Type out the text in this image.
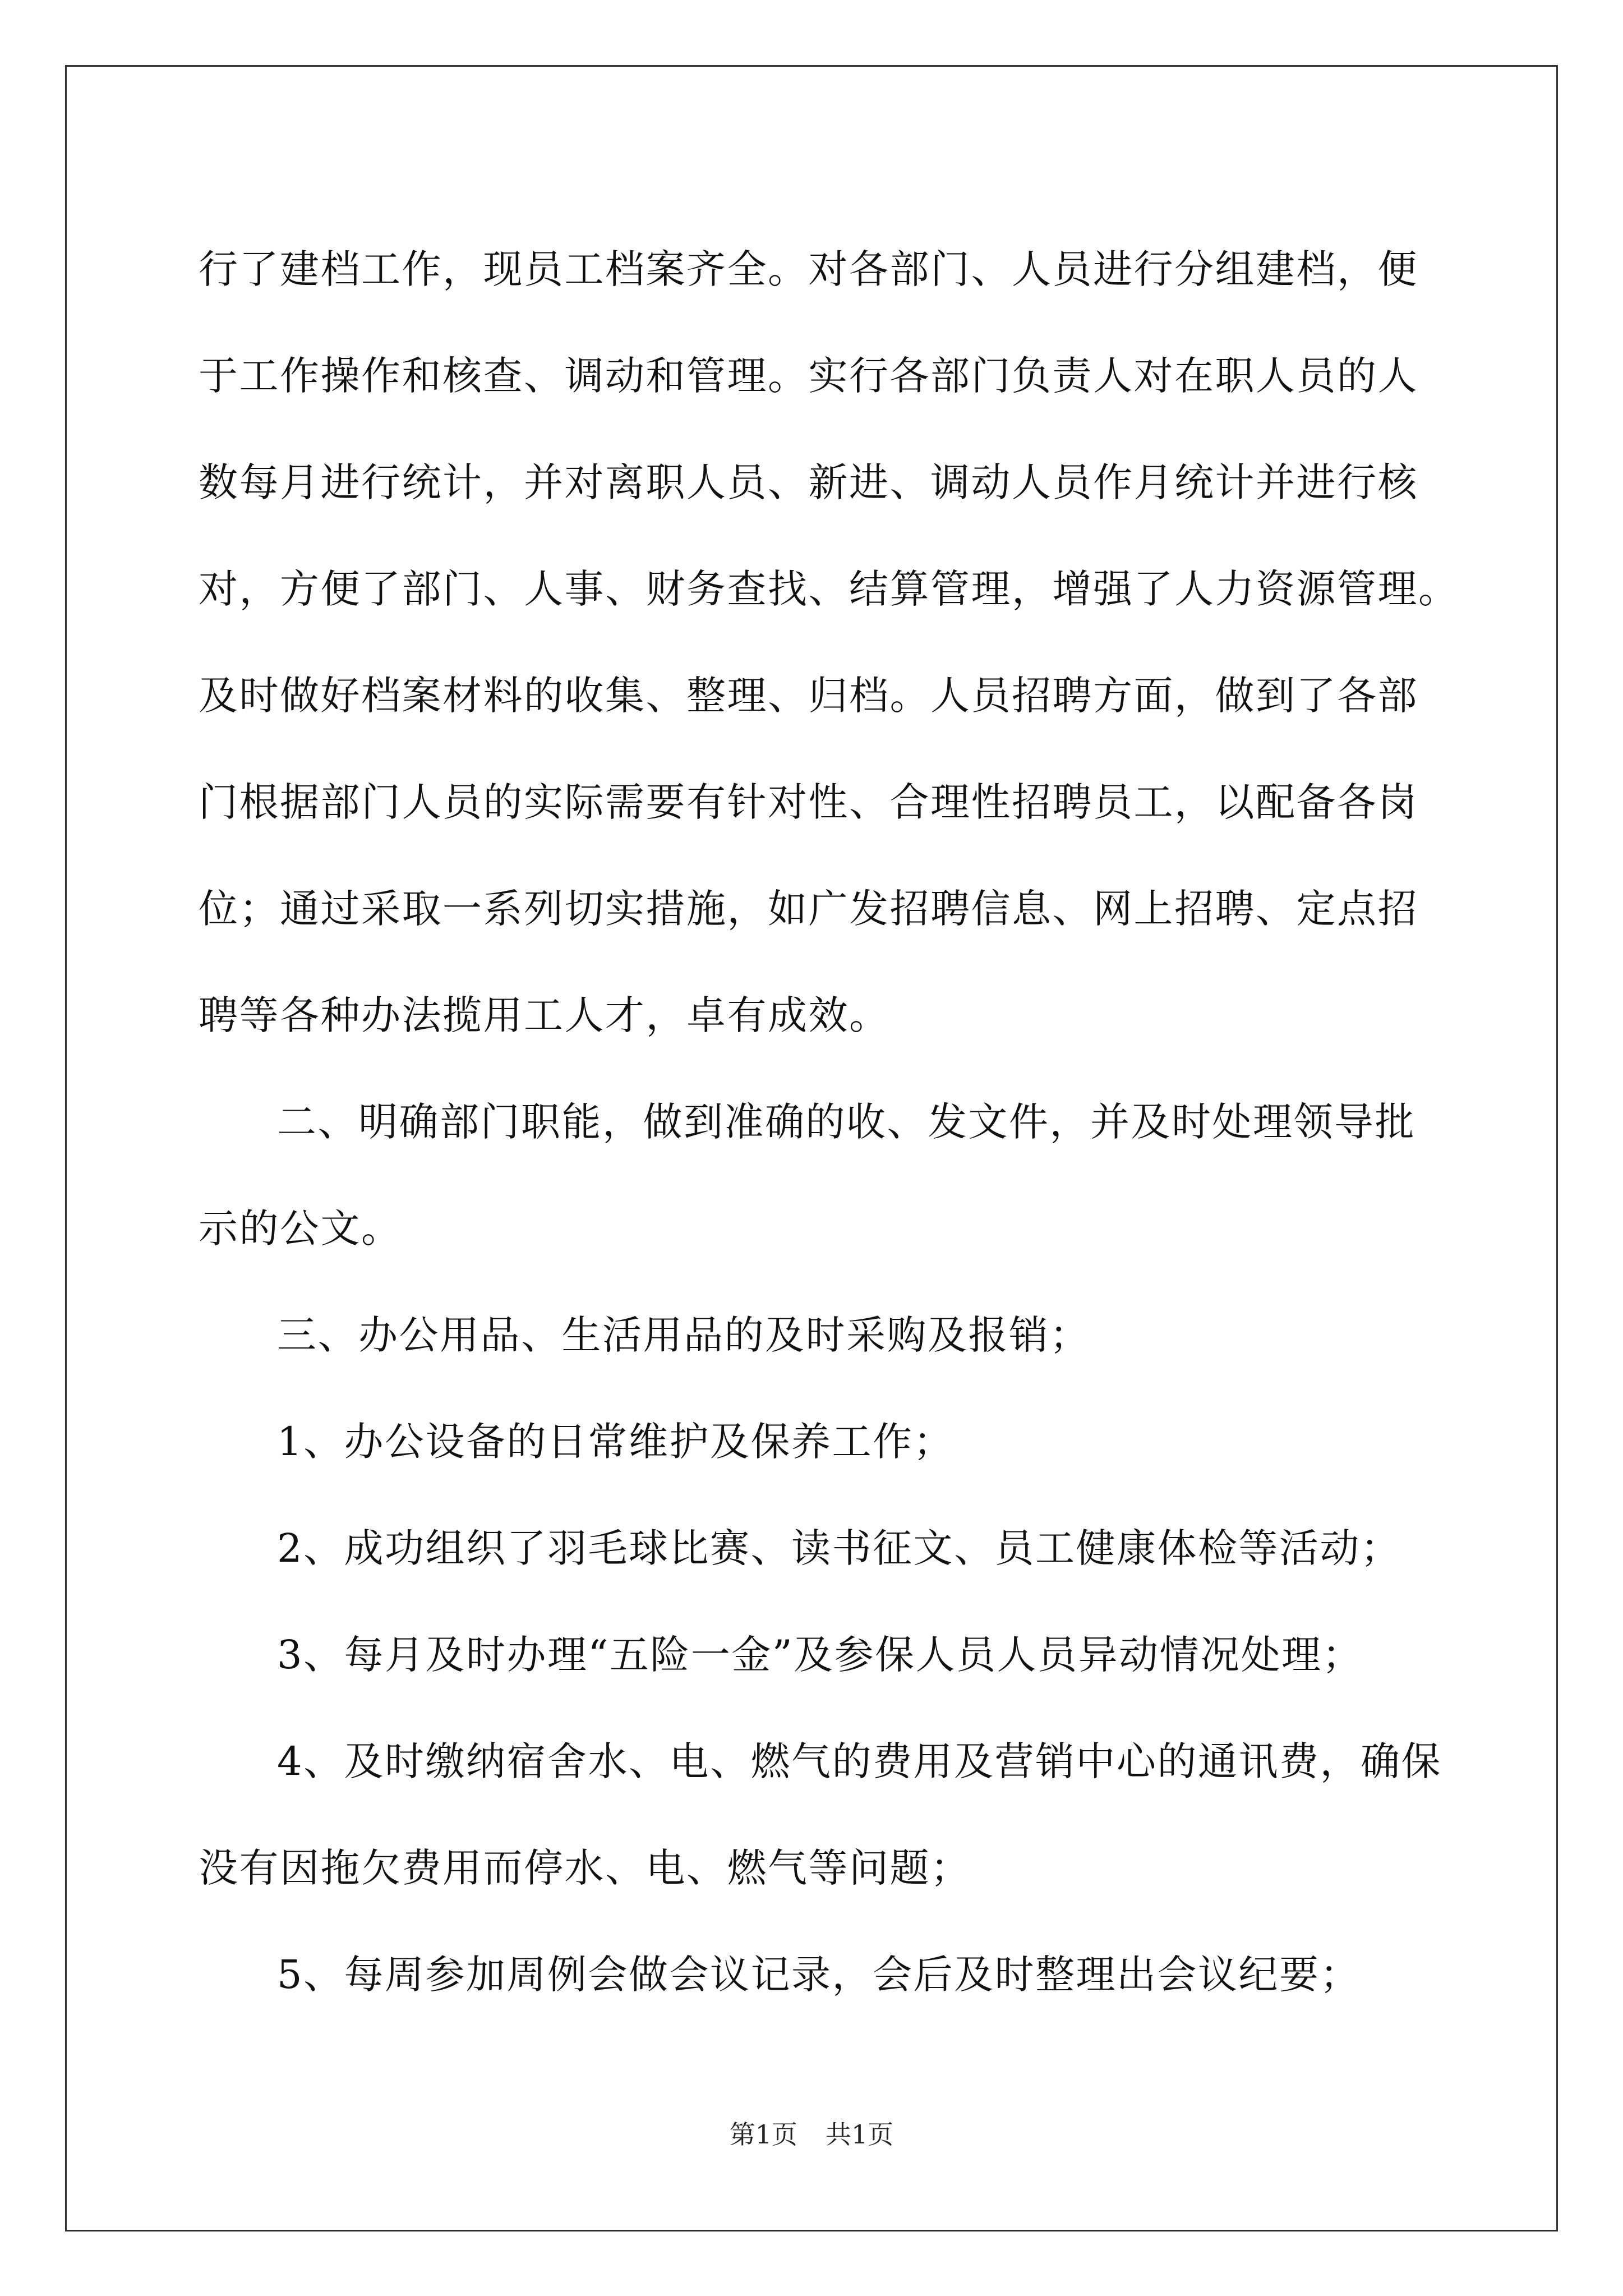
行了建档工作，现员工档案齐全。对各部门、人员进行分组建档，便
于工作操作和核查、调动和管理。实行各部门负责人对在职人员的人
数每月进行统计，并对离职人员、新进、调动人员作月统计并进行核
对，方便了部门、人事、财务查找、结算管理，增强了人力资源管理。
及时做好档案材料的收集、整理、归档。人员招聘方面，做到了各部
门根据部门人员的实际需要有针对性、合理性招聘员工，以配备各岗
位；通过采取一系列切实措施，如广发招聘信息、网上招聘、定点招
聘等各种办法揽用工人才，卓有成效。
二、明确部门职能，做到准确的收、发文件，并及时处理领导批
示的公文。
三、办公用品、生活用品的及时采购及报销；
1、办公设备的日常维护及保养工作；
2、成功组织了羽毛球比赛、读书征文、员工健康体检等活动；
3、每月及时办理“五险一金”及参保人员人员异动情况处理；
4、及时缴纳宿舍水、电、燃气的费用及营销中心的通讯费，确保
没有因拖欠费用而停水、电、燃气等问题；
5、每周参加周例会做会议记录，会后及时整理出会议纪要；
第1页 共1页
